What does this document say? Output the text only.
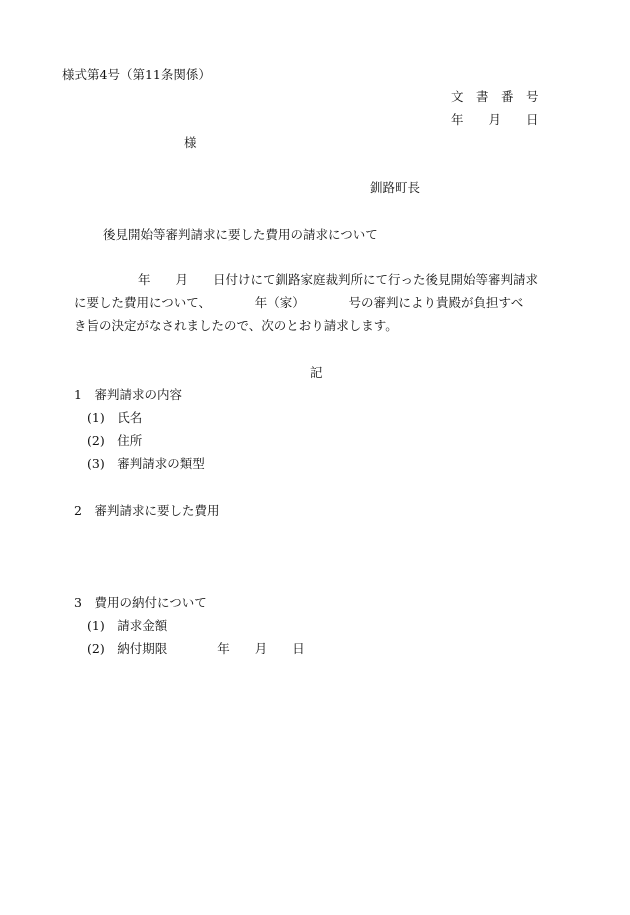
様式第4号（第11条関係）
文　書　番　号
年　　月　　日
様
釧路町長
後見開始等審判請求に要した費用の請求について
年　　月　　日付けにて釧路家庭裁判所にて行った後見開始等審判請求
に要した費用について、　　　　年（家）　　　　号の審判により貴殿が負担すべ
き旨の決定がなされましたので、次のとおり請求します。
記
1　審判請求の内容
(1)　氏名
(2)　住所
(3)　審判請求の類型
2　審判請求に要した費用
3　費用の納付について
(1)　請求金額
(2)　納付期限　　　　年　　月　　日
